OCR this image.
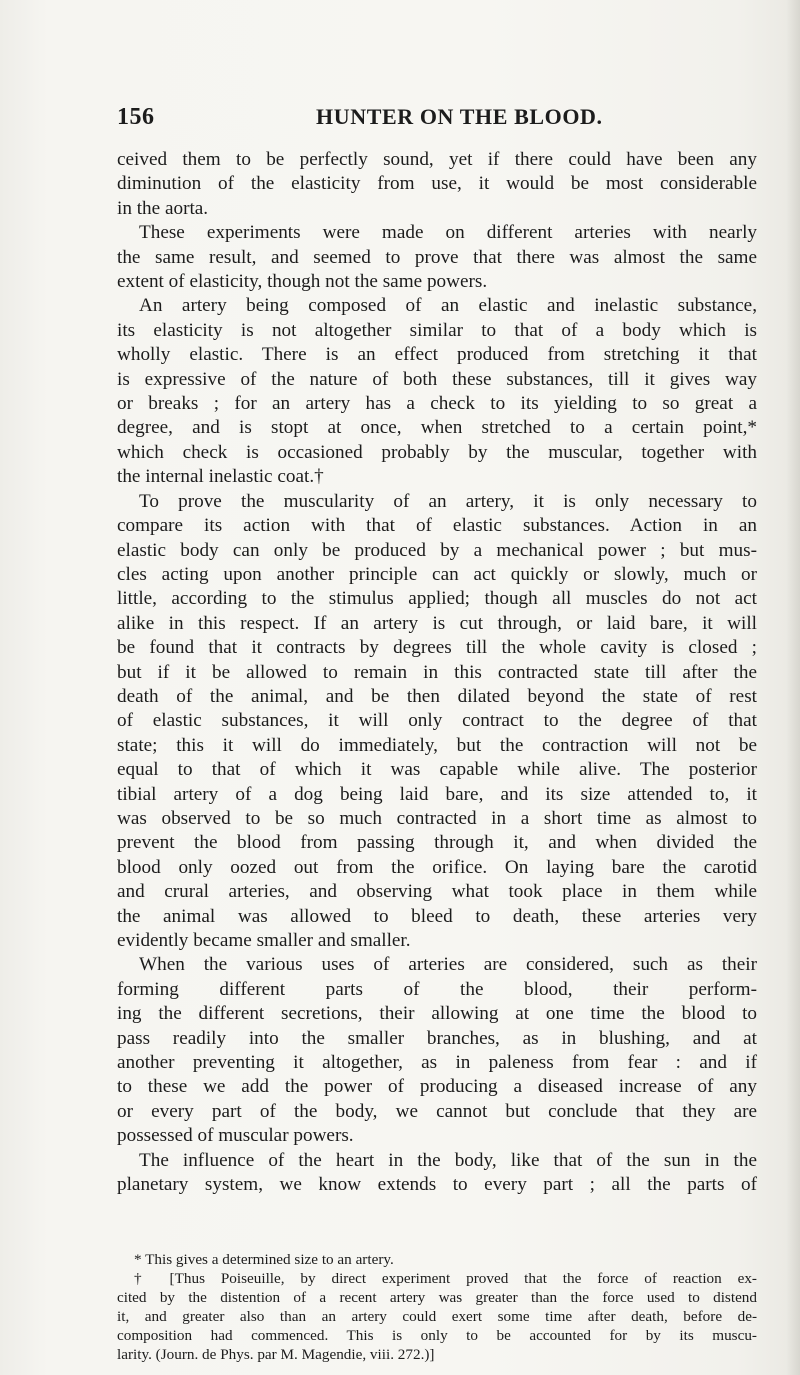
156	HUNTER ON THE BLOOD.
ceived them to be perfectly sound, yet if there could have been any
diminution of the elasticity from use, it would be most considerable
in the aorta.
These experiments were made on different arteries with nearly
the same result, and seemed to prove that there was almost the same
extent of elasticity, though not the same powers.
An artery being composed of an elastic and inelastic substance,
its elasticity is not altogether similar to that of a body which is
wholly elastic. There is an effect produced from stretching it that
is expressive of the nature of both these substances, till it gives way
or breaks ; for an artery has a check to its yielding to so great a
degree, and is stopt at once, when stretched to a certain point,*
which check is occasioned probably by the muscular, together with
the internal inelastic coat.†
To prove the muscularity of an artery, it is only necessary to
compare its action with that of elastic substances. Action in an
elastic body can only be produced by a mechanical power ; but mus-
cles acting upon another principle can act quickly or slowly, much or
little, according to the stimulus applied; though all muscles do not act
alike in this respect. If an artery is cut through, or laid bare, it will
be found that it contracts by degrees till the whole cavity is closed ;
but if it be allowed to remain in this contracted state till after the
death of the animal, and be then dilated beyond the state of rest
of elastic substances, it will only contract to the degree of that
state; this it will do immediately, but the contraction will not be
equal to that of which it was capable while alive. The posterior
tibial artery of a dog being laid bare, and its size attended to, it
was observed to be so much contracted in a short time as almost to
prevent the blood from passing through it, and when divided the
blood only oozed out from the orifice. On laying bare the carotid
and crural arteries, and observing what took place in them while
the animal was allowed to bleed to death, these arteries very
evidently became smaller and smaller.
When the various uses of arteries are considered, such as their
forming different parts of the blood, their perform-
ing the different secretions, their allowing at one time the blood to
pass readily into the smaller branches, as in blushing, and at
another preventing it altogether, as in paleness from fear : and if
to these we add the power of producing a diseased increase of any
or every part of the body, we cannot but conclude that they are
possessed of muscular powers.
The influence of the heart in the body, like that of the sun in the
planetary system, we know extends to every part ; all the parts of
* This gives a determined size to an artery.
† [Thus Poiseuille, by direct experiment proved that the force of reaction ex-
cited by the distention of a recent artery was greater than the force used to distend
it, and greater also than an artery could exert some time after death, before de-
composition had commenced. This is only to be accounted for by its muscu-
larity. (Journ. de Phys. par M. Magendie, viii. 272.)]
